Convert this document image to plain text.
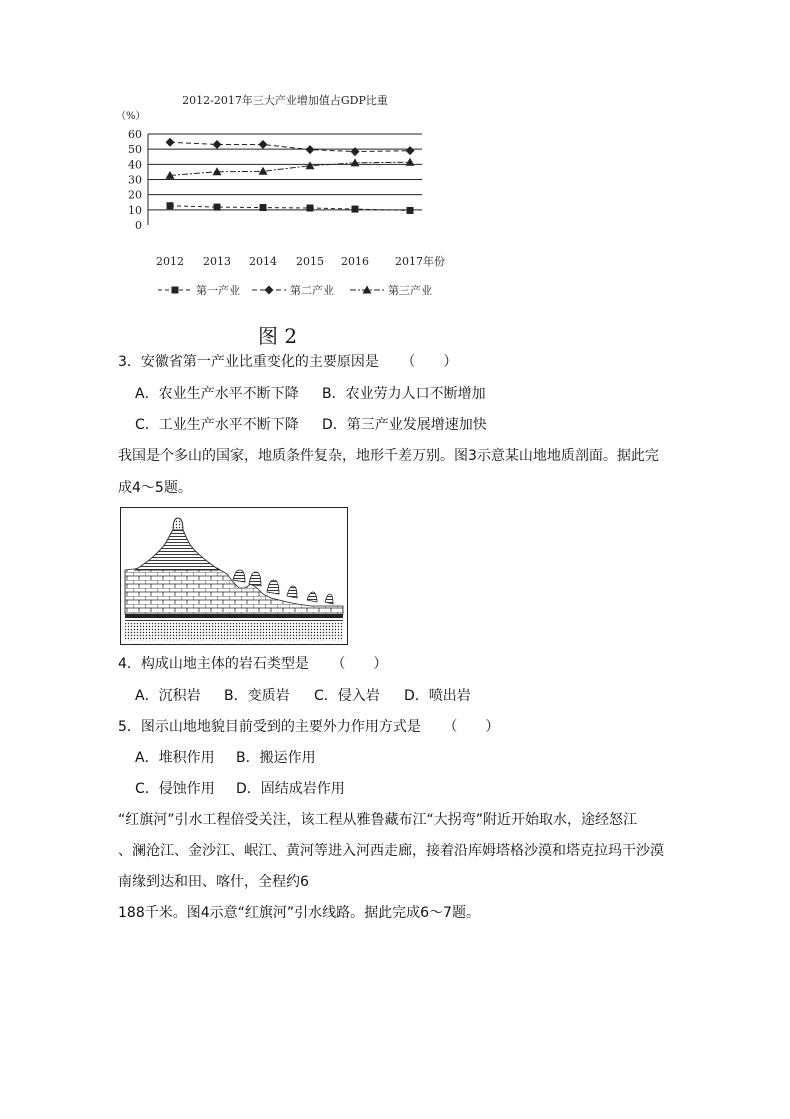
2012-2017年三大产业增加值占GDP比重
（%）
0
10
20
30
40
50
60
2012 2013 2014 2015 2016 2017年份
第一产业	第二产业	第三产业
图 2
3．安徽省第一产业比重变化的主要原因是 （　　）
A．农业生产水平不断下降 B．农业劳力人口不断增加
C．工业生产水平不断下降 D．第三产业发展增速加快
我国是个多山的国家，地质条件复杂，地形千差万别。图3示意某山地地质剖面。据此完
成4～5题。
4．构成山地主体的岩石类型是 （　　）
A．沉积岩 B．变质岩 C．侵入岩 D．喷出岩
5．图示山地地貌目前受到的主要外力作用方式是 （　　）
A．堆积作用 B．搬运作用
C．侵蚀作用 D．固结成岩作用
“红旗河”引水工程倍受关注，该工程从雅鲁藏布江“大拐弯”附近开始取水，途经怒江
、澜沧江、金沙江、岷江、黄河等进入河西走廊，接着沿库姆塔格沙漠和塔克拉玛干沙漠
南缘到达和田、喀什，全程约6
188千米。图4示意“红旗河”引水线路。据此完成6～7题。
